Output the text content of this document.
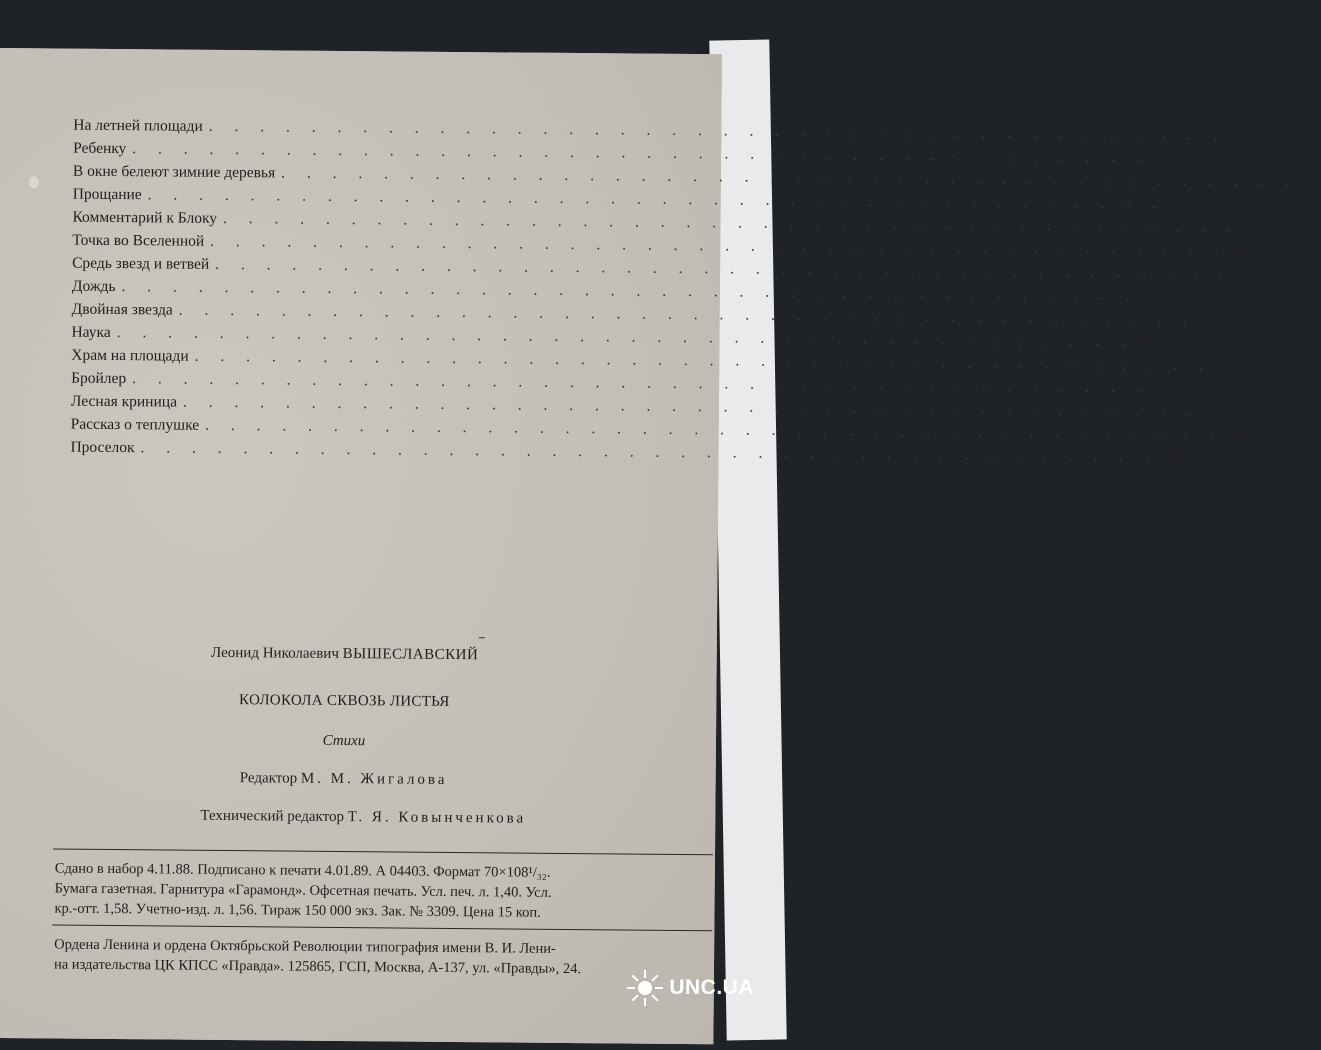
На летней площади . . . . . . . . . . . . . . . . . . . . . . . . . . . . . . . . . . . . . . . . 21
Ребенку . . . . . . . . . . . . . . . . . . . . . . . . . . . . . . . . . . . . . . . . 22
В окне белеют зимние деревья . . . . . . . . . . . . . . . . . . . . . . . . . . . . . . . . . . . . . . . . 22
Прощание . . . . . . . . . . . . . . . . . . . . . . . . . . . . . . . . . . . . . . . . 23
Комментарий к Блоку . . . . . . . . . . . . . . . . . . . . . . . . . . . . . . . . . . . . . . . . 23
Точка во Вселенной . . . . . . . . . . . . . . . . . . . . . . . . . . . . . . . . . . . . . . . . 24
Средь звезд и ветвей . . . . . . . . . . . . . . . . . . . . . . . . . . . . . . . . . . . . . . . . 24
Дождь . . . . . . . . . . . . . . . . . . . . . . . . . . . . . . . . . . . . . . . . 25
Двойная звезда . . . . . . . . . . . . . . . . . . . . . . . . . . . . . . . . . . . . . . . . 25
Наука . . . . . . . . . . . . . . . . . . . . . . . . . . . . . . . . . . . . . . . . 26
Храм на площади . . . . . . . . . . . . . . . . . . . . . . . . . . . . . . . . . . . . . . . . 27
Бройлер . . . . . . . . . . . . . . . . . . . . . . . . . . . . . . . . . . . . . . . . 28
Лесная криница . . . . . . . . . . . . . . . . . . . . . . . . . . . . . . . . . . . . . . . . 29
Рассказ о теплушке . . . . . . . . . . . . . . . . . . . . . . . . . . . . . . . . . . . . . . . . 29
Проселок . . . . . . . . . . . . . . . . . . . . . . . . . . . . . . . . . . . . . . . . 30
Леонид Николаевич ВЫШЕСЛАВСКИЙ
КОЛОКОЛА СКВОЗЬ ЛИСТЬЯ
Стихи
Редактор М. М. Жигалова
Технический редактор Т. Я. Ковынченкова
Сдано в набор 4.11.88. Подписано к печати 4.01.89. А 04403. Формат 70×108¹/₃₂.
Бумага газетная. Гарнитура «Гарамонд». Офсетная печать. Усл. печ. л. 1,40. Усл.
кр.-отт. 1,58. Учетно-изд. л. 1,56. Тираж 150 000 экз. Зак. № 3309. Цена 15 коп.
Ордена Ленина и ордена Октябрьской Революции типография имени В. И. Лени-
на издательства ЦК КПСС «Правда». 125865, ГСП, Москва, А-137, ул. «Правды», 24.
UNC.UA
